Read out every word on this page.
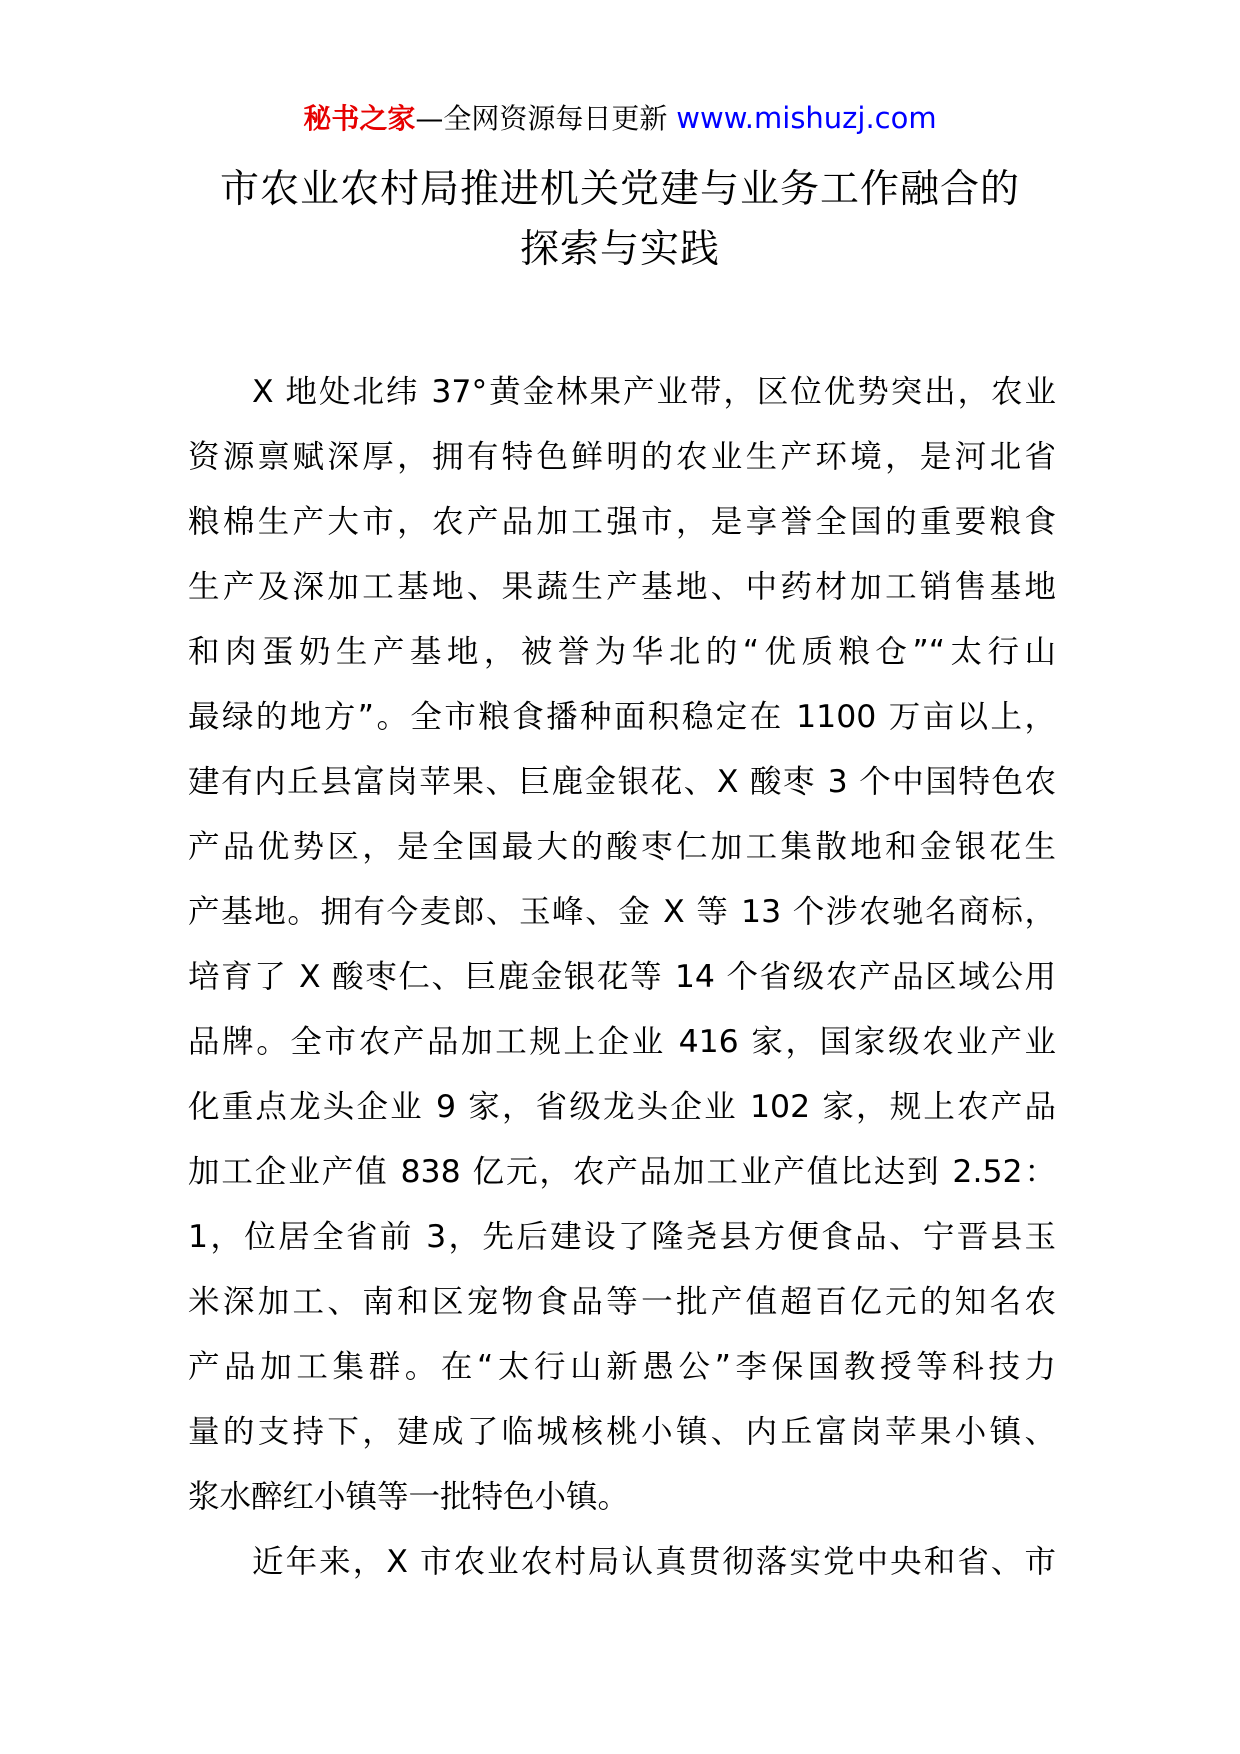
秘书之家—全网资源每日更新 www.mishuzj.com
市农业农村局推进机关党建与业务工作融合的
探索与实践
X 地处北纬 37°黄金林果产业带，区位优势突出，农业
资源禀赋深厚，拥有特色鲜明的农业生产环境，是河北省
粮棉生产大市，农产品加工强市，是享誉全国的重要粮食
生产及深加工基地、果蔬生产基地、中药材加工销售基地
和肉蛋奶生产基地，被誉为华北的“优质粮仓”“太行山
最绿的地方”。全市粮食播种面积稳定在 1100 万亩以上，
建有内丘县富岗苹果、巨鹿金银花、X 酸枣 3 个中国特色农
产品优势区，是全国最大的酸枣仁加工集散地和金银花生
产基地。拥有今麦郎、玉峰、金 X 等 13 个涉农驰名商标，
培育了 X 酸枣仁、巨鹿金银花等 14 个省级农产品区域公用
品牌。全市农产品加工规上企业 416 家，国家级农业产业
化重点龙头企业 9 家，省级龙头企业 102 家，规上农产品
加工企业产值 838 亿元，农产品加工业产值比达到 2.52：
1，位居全省前 3，先后建设了隆尧县方便食品、宁晋县玉
米深加工、南和区宠物食品等一批产值超百亿元的知名农
产品加工集群。在“太行山新愚公”李保国教授等科技力
量的支持下，建成了临城核桃小镇、内丘富岗苹果小镇、
浆水醉红小镇等一批特色小镇。
近年来，X 市农业农村局认真贯彻落实党中央和省、市
